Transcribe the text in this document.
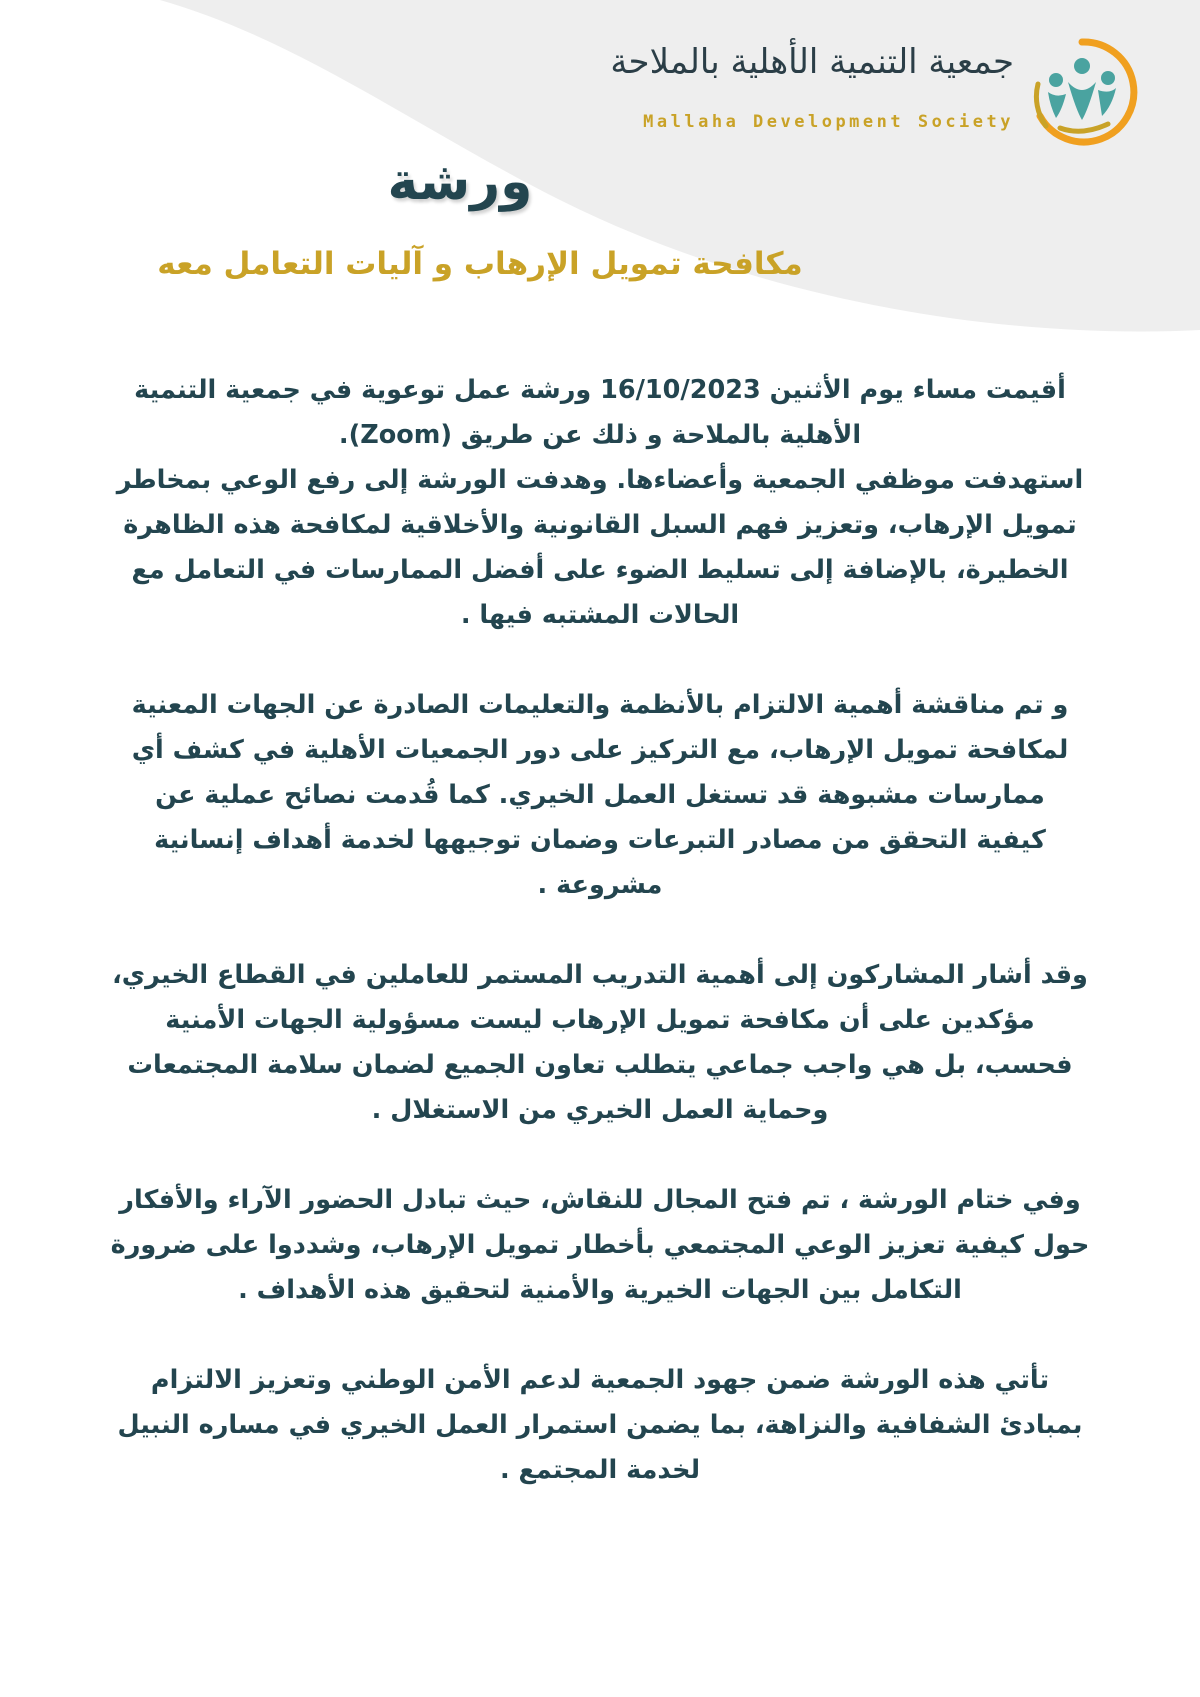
جمعية التنمية الأهلية بالملاحة
Mallaha Development Society
ورشة
مكافحة تمويل الإرهاب و آليات التعامل معه

أقيمت مساء يوم الأثنين 16/10/2023 ورشة عمل توعوية في جمعية التنمية
الأهلية بالملاحة و ذلك عن طريق (Zoom).
استهدفت موظفي الجمعية وأعضاءها. وهدفت الورشة إلى رفع الوعي بمخاطر
تمويل الإرهاب، وتعزيز فهم السبل القانونية والأخلاقية لمكافحة هذه الظاهرة
الخطيرة، بالإضافة إلى تسليط الضوء على أفضل الممارسات في التعامل مع
الحالات المشتبه فيها .

و تم مناقشة أهمية الالتزام بالأنظمة والتعليمات الصادرة عن الجهات المعنية
لمكافحة تمويل الإرهاب، مع التركيز على دور الجمعيات الأهلية في كشف أي
ممارسات مشبوهة قد تستغل العمل الخيري. كما قُدمت نصائح عملية عن
كيفية التحقق من مصادر التبرعات وضمان توجيهها لخدمة أهداف إنسانية
مشروعة .

وقد أشار المشاركون إلى أهمية التدريب المستمر للعاملين في القطاع الخيري،
مؤكدين على أن مكافحة تمويل الإرهاب ليست مسؤولية الجهات الأمنية
فحسب، بل هي واجب جماعي يتطلب تعاون الجميع لضمان سلامة المجتمعات
وحماية العمل الخيري من الاستغلال .

وفي ختام الورشة ، تم فتح المجال للنقاش، حيث تبادل الحضور الآراء والأفكار
حول كيفية تعزيز الوعي المجتمعي بأخطار تمويل الإرهاب، وشددوا على ضرورة
التكامل بين الجهات الخيرية والأمنية لتحقيق هذه الأهداف .

تأتي هذه الورشة ضمن جهود الجمعية لدعم الأمن الوطني وتعزيز الالتزام
بمبادئ الشفافية والنزاهة، بما يضمن استمرار العمل الخيري في مساره النبيل
لخدمة المجتمع .
